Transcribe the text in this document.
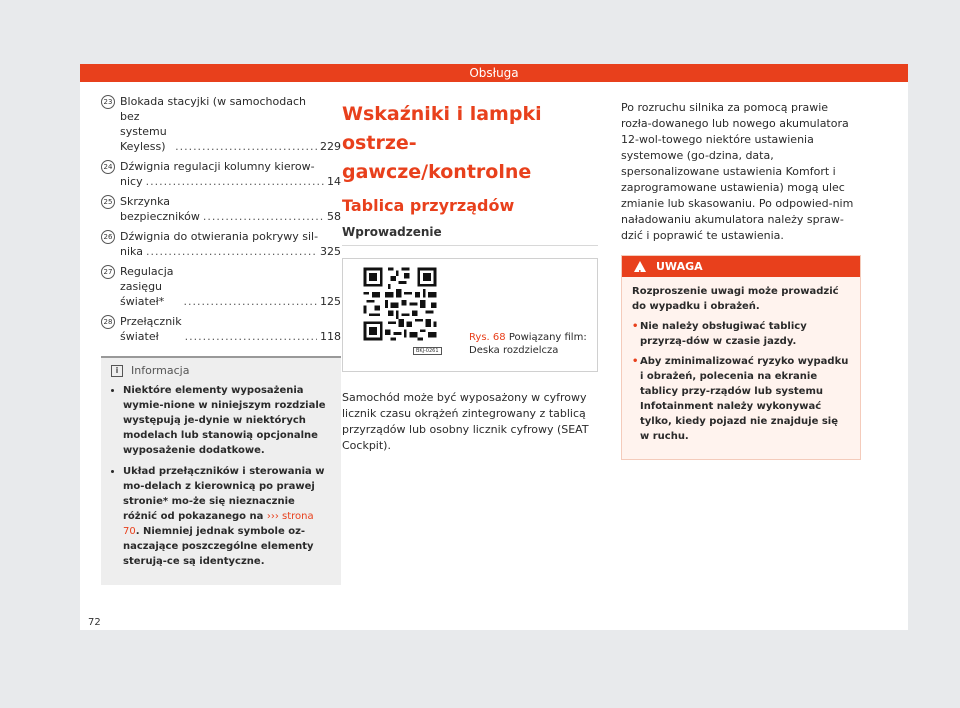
Obsługa
23 Blokada stacyjki (w samochodach
bez systemu Keyless) .....	229
24 Dźwignia regulacji kolumny kierow-
nicy .....	14
25 Skrzynka bezpieczników .....	58
26 Dźwignia do otwierania pokrywy sil-
nika .....	325
27 Regulacja zasięgu świateł* .....	125
28 Przełącznik świateł .....	118
i	Informacja
• Niektóre elementy wyposażenia wymie-nione w niniejszym rozdziale występują je-dynie w niektórych modelach lub stanowią opcjonalne wyposażenie dodatkowe.
• Układ przełączników i sterowania w mo-delach z kierownicą po prawej stronie* mo-że się nieznacznie różnić od pokazanego na ››› strona 70. Niemniej jednak symbole oz-naczające poszczególne elementy sterują-ce są identyczne.
Wskaźniki i lampki ostrze-gawcze/kontrolne
Tablica przyrządów
Wprowadzenie
BKJ-0261
Rys. 68 Powiązany film: Deska rozdzielcza

Samochód może być wyposażony w cyfrowy licznik czasu okrążeń zintegrowany z tablicą przyrządów lub osobny licznik cyfrowy (SEAT Cockpit).

Po rozruchu silnika za pomocą prawie rozła-dowanego lub nowego akumulatora 12-wol-towego niektóre ustawienia systemowe (go-dzina, data, spersonalizowane ustawienia Komfort i zaprogramowane ustawienia) mogą ulec zmianie lub skasowaniu. Po odpowied-nim naładowaniu akumulatora należy spraw-dzić i poprawić te ustawienia.

!
UWAGA

Rozproszenie uwagi może prowadzić do wypadku i obrażeń.

• Nie należy obsługiwać tablicy przyrzą-dów w czasie jazdy.
• Aby zminimalizować ryzyko wypadku i obrażeń, polecenia na ekranie tablicy przy-rządów lub systemu Infotainment należy wykonywać tylko, kiedy pojazd nie znajduje się w ruchu.
72
